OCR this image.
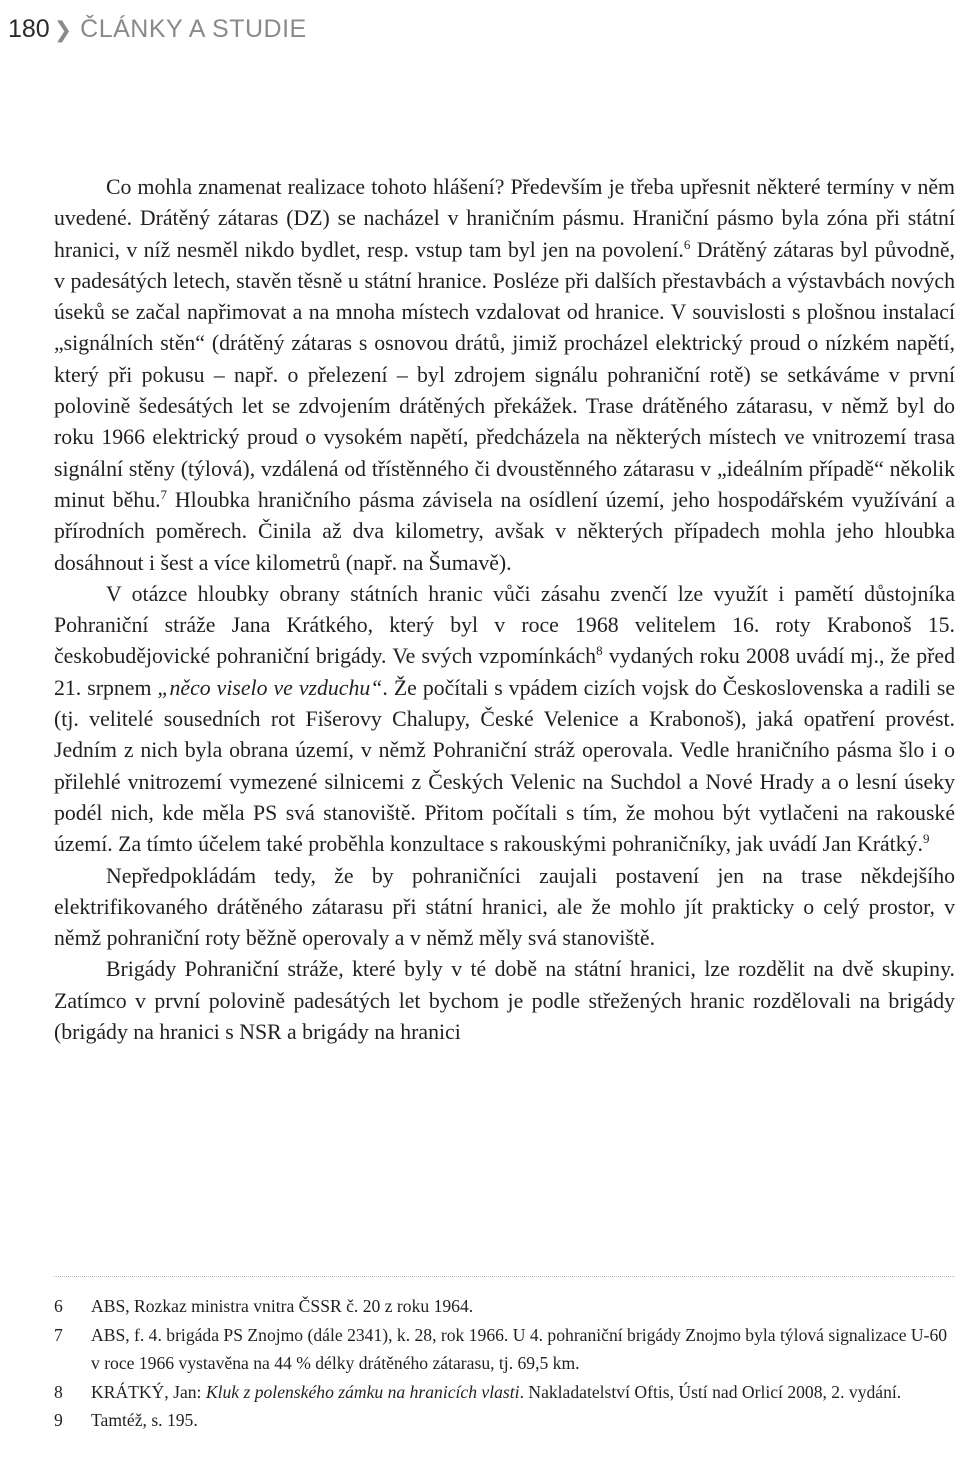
180 ❯ ČLÁNKY A STUDIE

Co mohla znamenat realizace tohoto hlášení? Především je třeba upřesnit některé termíny v něm uvedené. Drátěný zátaras (DZ) se nacházel v hraničním pásmu. Hraniční pásmo byla zóna při státní hranici, v níž nesměl nikdo bydlet, resp. vstup tam byl jen na povolení.$^6$ Drátěný zátaras byl původně, v padesátých letech, stavěn těsně u státní hranice. Posléze při dalších přestavbách a výstavbách nových úseků se začal napřimovat a na mnoha místech vzdalovat od hranice. V souvislosti s plošnou instalací „signálních stěn“ (drátěný zátaras s osnovou drátů, jimiž procházel elektrický proud o nízkém napětí, který při pokusu – např. o přelezení – byl zdrojem signálu pohraniční rotě) se setkáváme v první polovině šedesátých let se zdvojením drátěných překážek. Trase drátěného zátarasu, v němž byl do roku 1966 elektrický proud o vysokém napětí, předcházela na některých místech ve vnitrozemí trasa signální stěny (týlová), vzdálená od třístěnného či dvoustěnného zátarasu v „ideálním případě“ několik minut běhu.$^7$ Hloubka hraničního pásma závisela na osídlení území, jeho hospodářském využívání a přírodních poměrech. Činila až dva kilometry, avšak v některých případech mohla jeho hloubka dosáhnout i šest a více kilometrů (např. na Šumavě).

V otázce hloubky obrany státních hranic vůči zásahu zvenčí lze využít i pamětí důstojníka Pohraniční stráže Jana Krátkého, který byl v roce 1968 velitelem 16. roty Krabonoš 15. českobudějovické pohraniční brigády. Ve svých vzpomínkách$^8$ vydaných roku 2008 uvádí mj., že před 21. srpnem „něco viselo ve vzduchu“. Že počítali s vpádem cizích vojsk do Československa a radili se (tj. velitelé sousedních rot Fišerovy Chalupy, České Velenice a Krabonoš), jaká opatření provést. Jedním z nich byla obrana území, v němž Pohraniční stráž operovala. Vedle hraničního pásma šlo i o přilehlé vnitrozemí vymezené silnicemi z Českých Velenic na Suchdol a Nové Hrady a o lesní úseky podél nich, kde měla PS svá stanoviště. Přitom počítali s tím, že mohou být vytlačeni na rakouské území. Za tímto účelem také proběhla konzultace s rakouskými pohraničníky, jak uvádí Jan Krátký.$^9$

Nepředpokládám tedy, že by pohraničníci zaujali postavení jen na trase někdejšího elektrifikovaného drátěného zátarasu při státní hranici, ale že mohlo jít prakticky o celý prostor, v němž pohraniční roty běžně operovaly a v němž měly svá stanoviště.

Brigády Pohraniční stráže, které byly v té době na státní hranici, lze rozdělit na dvě skupiny. Zatímco v první polovině padesátých let bychom je podle střežených hranic rozdělovali na brigády (brigády na hranici s NSR a brigády na hranici

6	ABS, Rozkaz ministra vnitra ČSSR č. 20 z roku 1964.
7	ABS, f. 4. brigáda PS Znojmo (dále 2341), k. 28, rok 1966. U 4. pohraniční brigády Znojmo byla týlová signalizace U-60 v roce 1966 vystavěna na 44 % délky drátěného zátarasu, tj. 69,5 km.
8	KRÁTKÝ, Jan: Kluk z polenského zámku na hranicích vlasti. Nakladatelství Oftis, Ústí nad Orlicí 2008, 2. vydání.
9	Tamtéž, s. 195.
